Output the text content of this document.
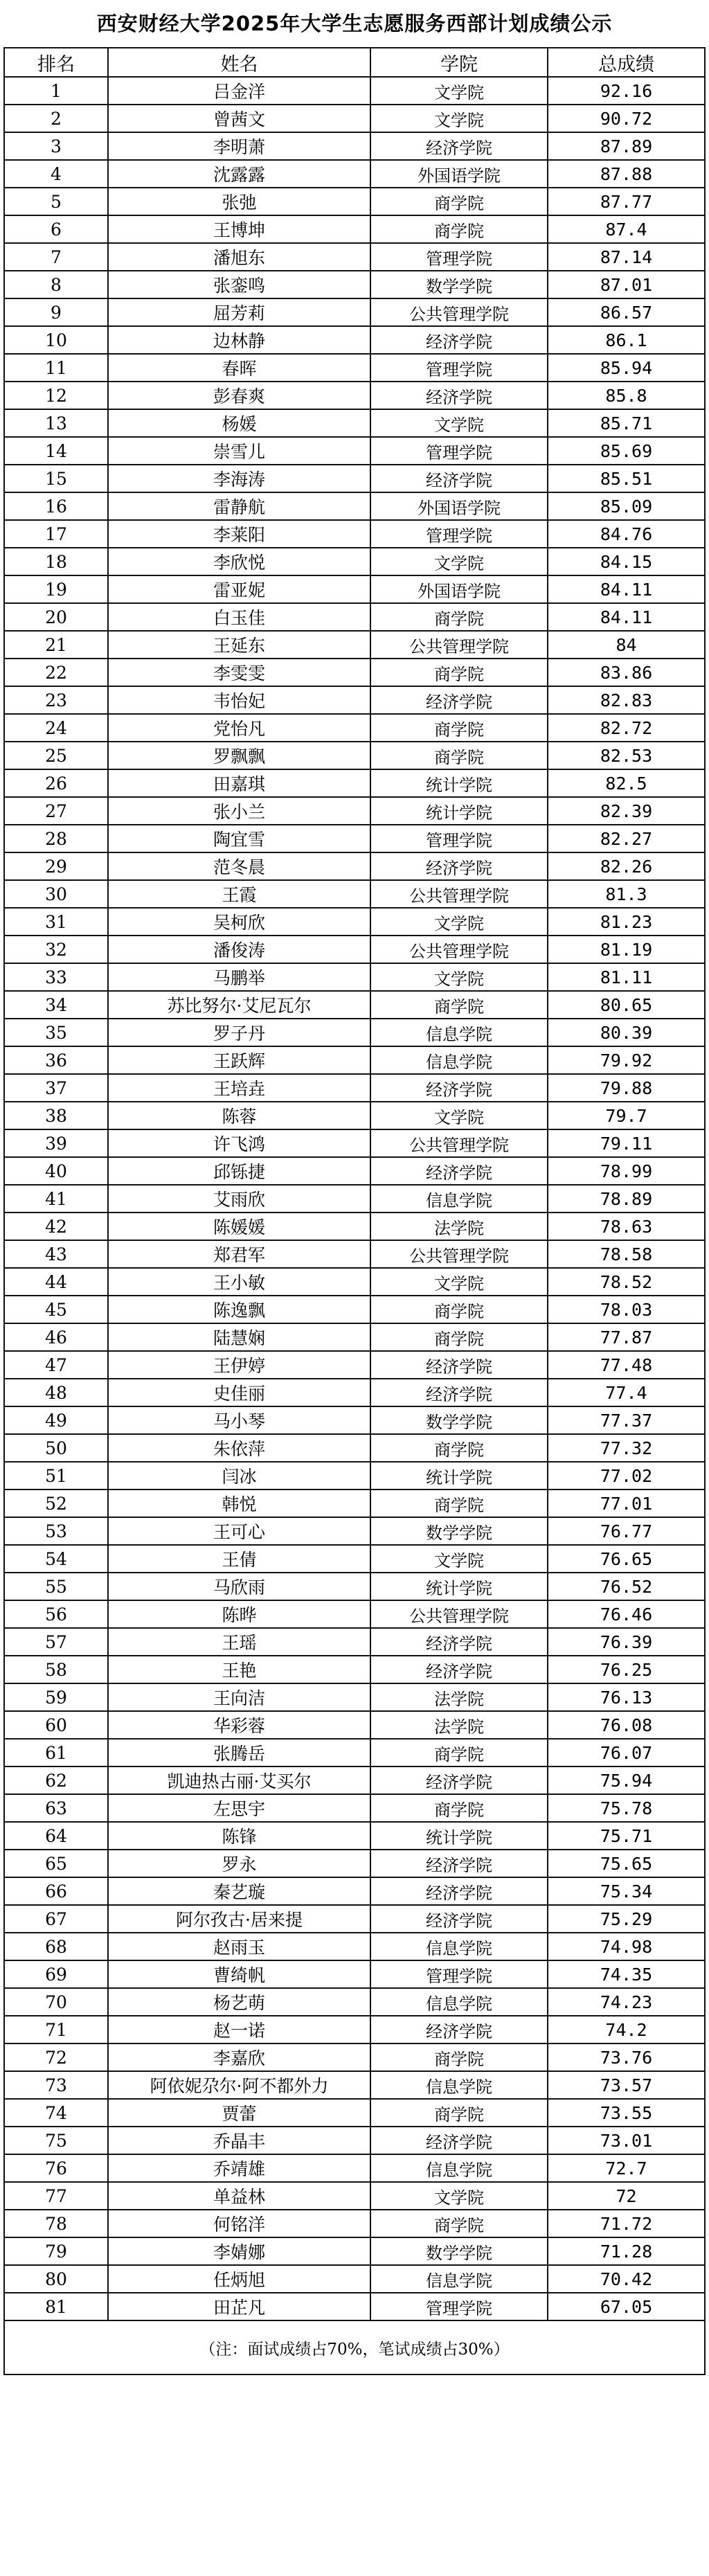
西安财经大学2025年大学生志愿服务西部计划成绩公示
排名	姓名	学院	总成绩
1	吕金洋	文学院	92.16
2	曾茜文	文学院	90.72
3	李明萧	经济学院	87.89
4	沈露露	外国语学院	87.88
5	张弛	商学院	87.77
6	王博坤	商学院	87.4
7	潘旭东	管理学院	87.14
8	张銮鸣	数学学院	87.01
9	屈芳莉	公共管理学院	86.57
10	边林静	经济学院	86.1
11	春晖	管理学院	85.94
12	彭春爽	经济学院	85.8
13	杨媛	文学院	85.71
14	崇雪儿	管理学院	85.69
15	李海涛	经济学院	85.51
16	雷静航	外国语学院	85.09
17	李莱阳	管理学院	84.76
18	李欣悦	文学院	84.15
19	雷亚妮	外国语学院	84.11
20	白玉佳	商学院	84.11
21	王延东	公共管理学院	84
22	李雯雯	商学院	83.86
23	韦怡妃	经济学院	82.83
24	党怡凡	商学院	82.72
25	罗飘飘	商学院	82.53
26	田嘉琪	统计学院	82.5
27	张小兰	统计学院	82.39
28	陶宜雪	管理学院	82.27
29	范冬晨	经济学院	82.26
30	王霞	公共管理学院	81.3
31	吴柯欣	文学院	81.23
32	潘俊涛	公共管理学院	81.19
33	马鹏举	文学院	81.11
34	苏比努尔·艾尼瓦尔	商学院	80.65
35	罗子丹	信息学院	80.39
36	王跃辉	信息学院	79.92
37	王培垚	经济学院	79.88
38	陈蓉	文学院	79.7
39	许飞鸿	公共管理学院	79.11
40	邱铄捷	经济学院	78.99
41	艾雨欣	信息学院	78.89
42	陈媛媛	法学院	78.63
43	郑君军	公共管理学院	78.58
44	王小敏	文学院	78.52
45	陈逸飘	商学院	78.03
46	陆慧娴	商学院	77.87
47	王伊婷	经济学院	77.48
48	史佳丽	经济学院	77.4
49	马小琴	数学学院	77.37
50	朱依萍	商学院	77.32
51	闫冰	统计学院	77.02
52	韩悦	商学院	77.01
53	王可心	数学学院	76.77
54	王倩	文学院	76.65
55	马欣雨	统计学院	76.52
56	陈晔	公共管理学院	76.46
57	王瑶	经济学院	76.39
58	王艳	经济学院	76.25
59	王向洁	法学院	76.13
60	华彩蓉	法学院	76.08
61	张腾岳	商学院	76.07
62	凯迪热古丽·艾买尔	经济学院	75.94
63	左思宇	商学院	75.78
64	陈锋	统计学院	75.71
65	罗永	经济学院	75.65
66	秦艺璇	经济学院	75.34
67	阿尔孜古·居来提	经济学院	75.29
68	赵雨玉	信息学院	74.98
69	曹绮帆	管理学院	74.35
70	杨艺萌	信息学院	74.23
71	赵一诺	经济学院	74.2
72	李嘉欣	商学院	73.76
73	阿依妮尕尔·阿不都外力	信息学院	73.57
74	贾蕾	商学院	73.55
75	乔晶丰	经济学院	73.01
76	乔靖雄	信息学院	72.7
77	单益林	文学院	72
78	何铭洋	商学院	71.72
79	李婧娜	数学学院	71.28
80	任炳旭	信息学院	70.42
81	田芷凡	管理学院	67.05
（注：面试成绩占70%，笔试成绩占30%）			
